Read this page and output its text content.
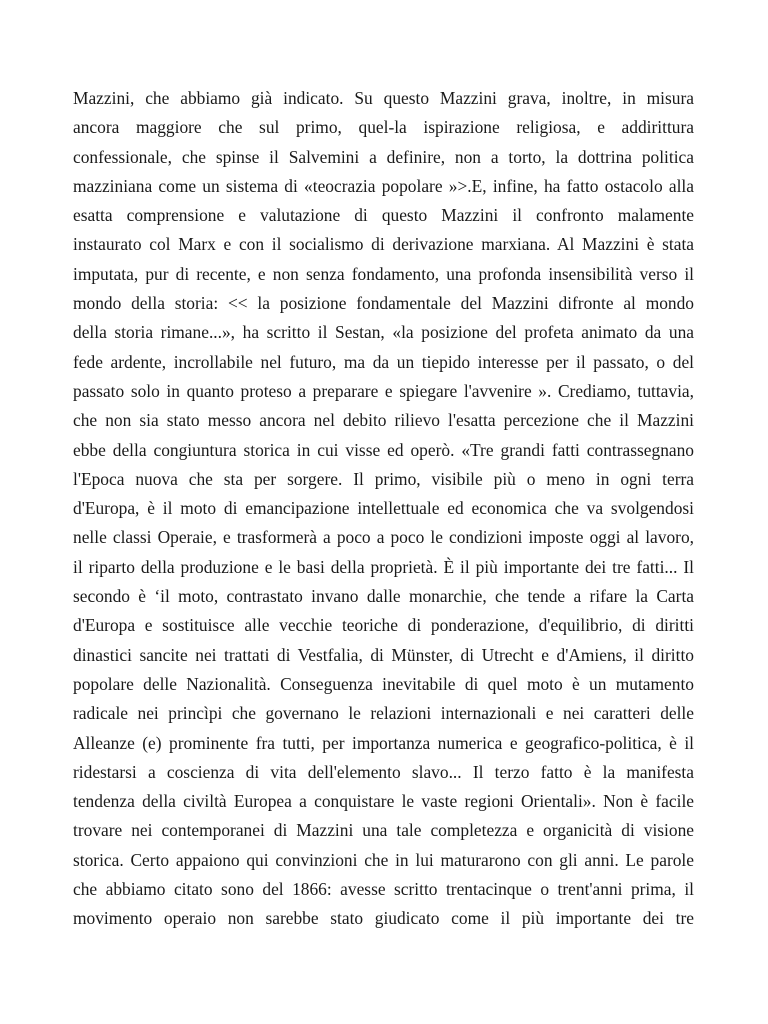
Mazzini, che abbiamo già indicato. Su questo Mazzini grava, inoltre, in misura
ancora maggiore che sul primo, quel-la ispirazione religiosa, e addirittura
confessionale, che spinse il Salvemini a definire, non a torto, la dottrina politica
mazziniana come un sistema di «teocrazia popolare »>.E, infine, ha fatto ostacolo alla
esatta comprensione e valutazione di questo Mazzini il confronto malamente
instaurato col Marx e con il socialismo di derivazione marxiana. Al Mazzini è stata
imputata, pur di recente, e non senza fondamento, una profonda insensibilità verso il
mondo della storia: << la posizione fondamentale del Mazzini difronte al mondo
della storia rimane...», ha scritto il Sestan, «la posizione del profeta animato da una
fede ardente, incrollabile nel futuro, ma da un tiepido interesse per il passato, o del
passato solo in quanto proteso a preparare e spiegare l'avvenire ». Crediamo, tuttavia,
che non sia stato messo ancora nel debito rilievo l'esatta percezione che il Mazzini
ebbe della congiuntura storica in cui visse ed operò. «Tre grandi fatti contrassegnano
l'Epoca nuova che sta per sorgere. Il primo, visibile più o meno in ogni terra
d'Europa, è il moto di emancipazione intellettuale ed economica che va svolgendosi
nelle classi Operaie, e trasformerà a poco a poco le condizioni imposte oggi al lavoro,
il riparto della produzione e le basi della proprietà. È il più importante dei tre fatti... Il
secondo è ‘il moto, contrastato invano dalle monarchie, che tende a rifare la Carta
d'Europa e sostituisce alle vecchie teoriche di ponderazione, d'equilibrio, di diritti
dinastici sancite nei trattati di Vestfalia, di Münster, di Utrecht e d'Amiens, il diritto
popolare delle Nazionalità. Conseguenza inevitabile di quel moto è un mutamento
radicale nei princìpi che governano le relazioni internazionali e nei caratteri delle
Alleanze (e) prominente fra tutti, per importanza numerica e geografico-politica, è il
ridestarsi a coscienza di vita dell'elemento slavo... Il terzo fatto è la manifesta
tendenza della civiltà Europea a conquistare le vaste regioni Orientali». Non è facile
trovare nei contemporanei di Mazzini una tale completezza e organicità di visione
storica. Certo appaiono qui convinzioni che in lui maturarono con gli anni. Le parole
che abbiamo citato sono del 1866: avesse scritto trentacinque o trent'anni prima, il
movimento operaio non sarebbe stato giudicato come il più importante dei tre
